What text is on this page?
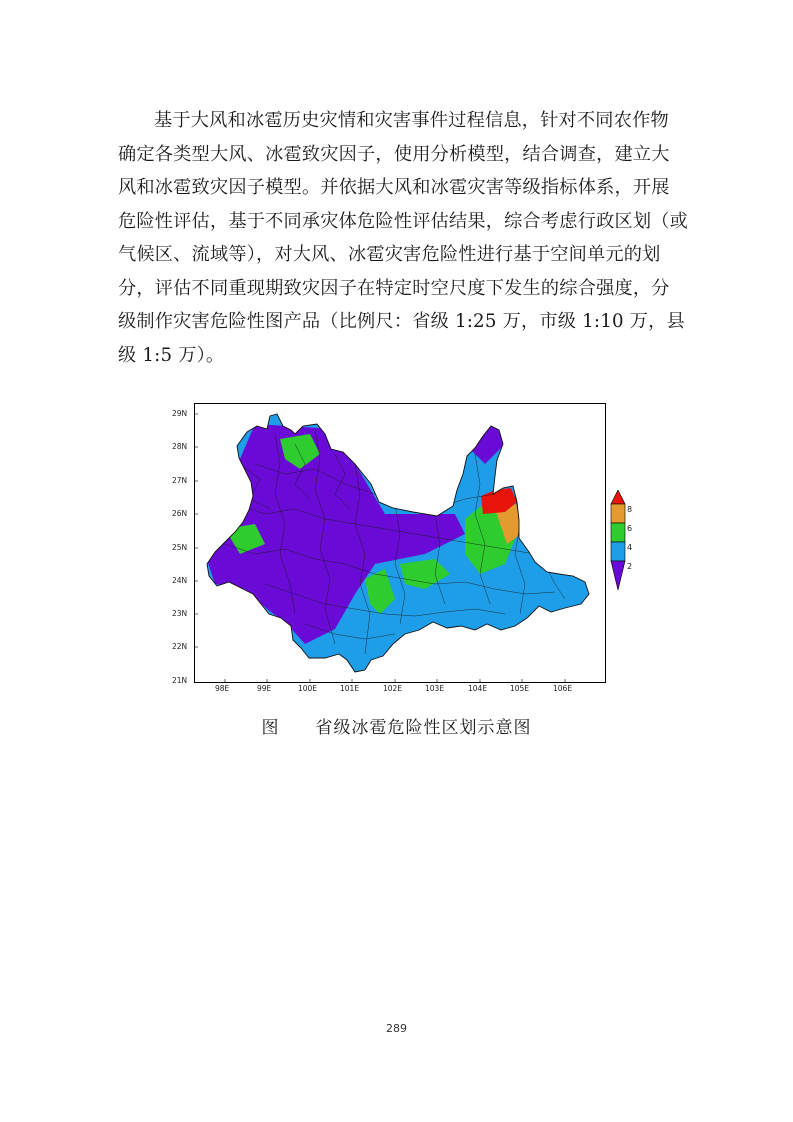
基于大风和冰雹历史灾情和灾害事件过程信息，针对不同农作物
确定各类型大风、冰雹致灾因子，使用分析模型，结合调查，建立大
风和冰雹致灾因子模型。并依据大风和冰雹灾害等级指标体系，开展
危险性评估，基于不同承灾体危险性评估结果，综合考虑行政区划（或
气候区、流域等），对大风、冰雹灾害危险性进行基于空间单元的划
分，评估不同重现期致灾因子在特定时空尺度下发生的综合强度，分
级制作灾害危险性图产品（比例尺：省级 1:25 万，市级 1:10 万，县
级 1:5 万）。
29N
28N
27N
26N
25N
24N
23N
22N
21N
98E	99E	100E	101E	102E	103E	104E	105E	106E
8
6
4
2
图 省级冰雹危险性区划示意图
289
